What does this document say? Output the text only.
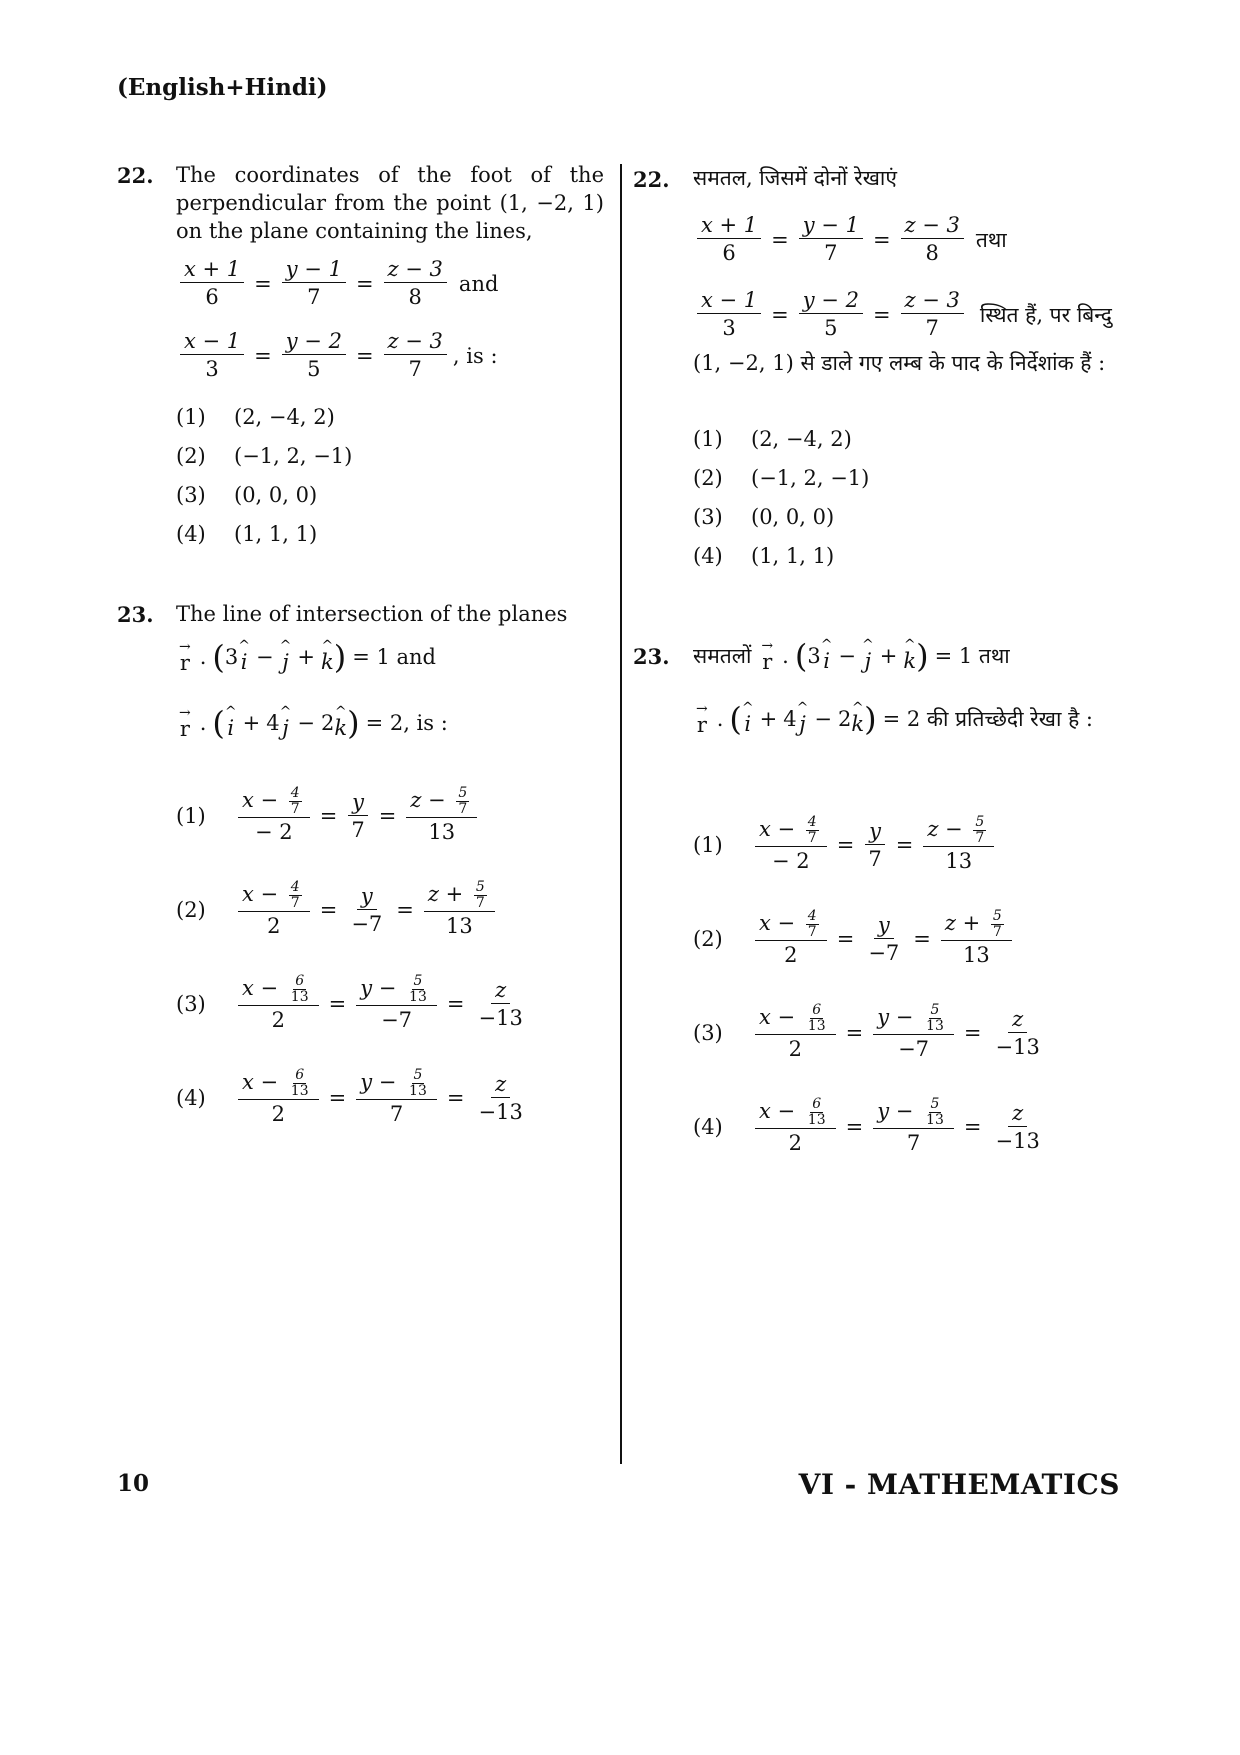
(English+Hindi)
22. The coordinates of the foot of the perpendicular from the point (1, −2, 1) on the plane containing the lines,
$\frac{x + 1}{6} = \frac{y - 1}{7} = \frac{z - 3}{8}$ and
$\frac{x - 1}{3} = \frac{y - 2}{5} = \frac{z - 3}{7}$ , is :
(1)	(2, −4, 2)
(2)	(−1, 2, −1)
(3)	(0, 0, 0)
(4)	(1, 1, 1)
23. The line of intersection of the planes
→
r . ( 3 ^
i − ^
j + ^
k ) = 1 and
→
r . ( ^
i + 4 ^
j − 2 ^
k ) = 2, is :
(1)	$\frac{x - \frac{4}{7}}{- 2} = \frac{y}{7} = \frac{z - \frac{5}{7}}{13}$
(2)	$\frac{x - \frac{4}{7}}{2} = \frac{y}{-7} = \frac{z + \frac{5}{7}}{13}$
(3)	$\frac{x - \frac{6}{13}}{2} = \frac{y - \frac{5}{13}}{-7} = \frac{z}{-13}$
(4)	$\frac{x - \frac{6}{13}}{2} = \frac{y - \frac{5}{13}}{7} = \frac{z}{-13}$
22. समतल, जिसमें दोनों रेखाएं
$\frac{x + 1}{6} = \frac{y - 1}{7} = \frac{z - 3}{8}$ तथा
$\frac{x - 1}{3} = \frac{y - 2}{5} = \frac{z - 3}{7}$ स्थित हैं, पर बिन्दु
(1, −2, 1) से डाले गए लम्ब के पाद के निर्देशांक हैं :
(1)	(2, −4, 2)
(2)	(−1, 2, −1)
(3)	(0, 0, 0)
(4)	(1, 1, 1)
23.	समतलों →
r . ( 3 ^
i − ^
j + ^
k ) = 1 तथा
→
r . ( ^
i + 4 ^
j − 2 ^
k ) = 2 की प्रतिच्छेदी रेखा है :
(1)	$\frac{x - \frac{4}{7}}{- 2} = \frac{y}{7} = \frac{z - \frac{5}{7}}{13}$
(2)	$\frac{x - \frac{4}{7}}{2} = \frac{y}{-7} = \frac{z + \frac{5}{7}}{13}$
(3)	$\frac{x - \frac{6}{13}}{2} = \frac{y - \frac{5}{13}}{-7} = \frac{z}{-13}$
(4)	$\frac{x - \frac{6}{13}}{2} = \frac{y - \frac{5}{13}}{7} = \frac{z}{-13}$
10	VI - MATHEMATICS
